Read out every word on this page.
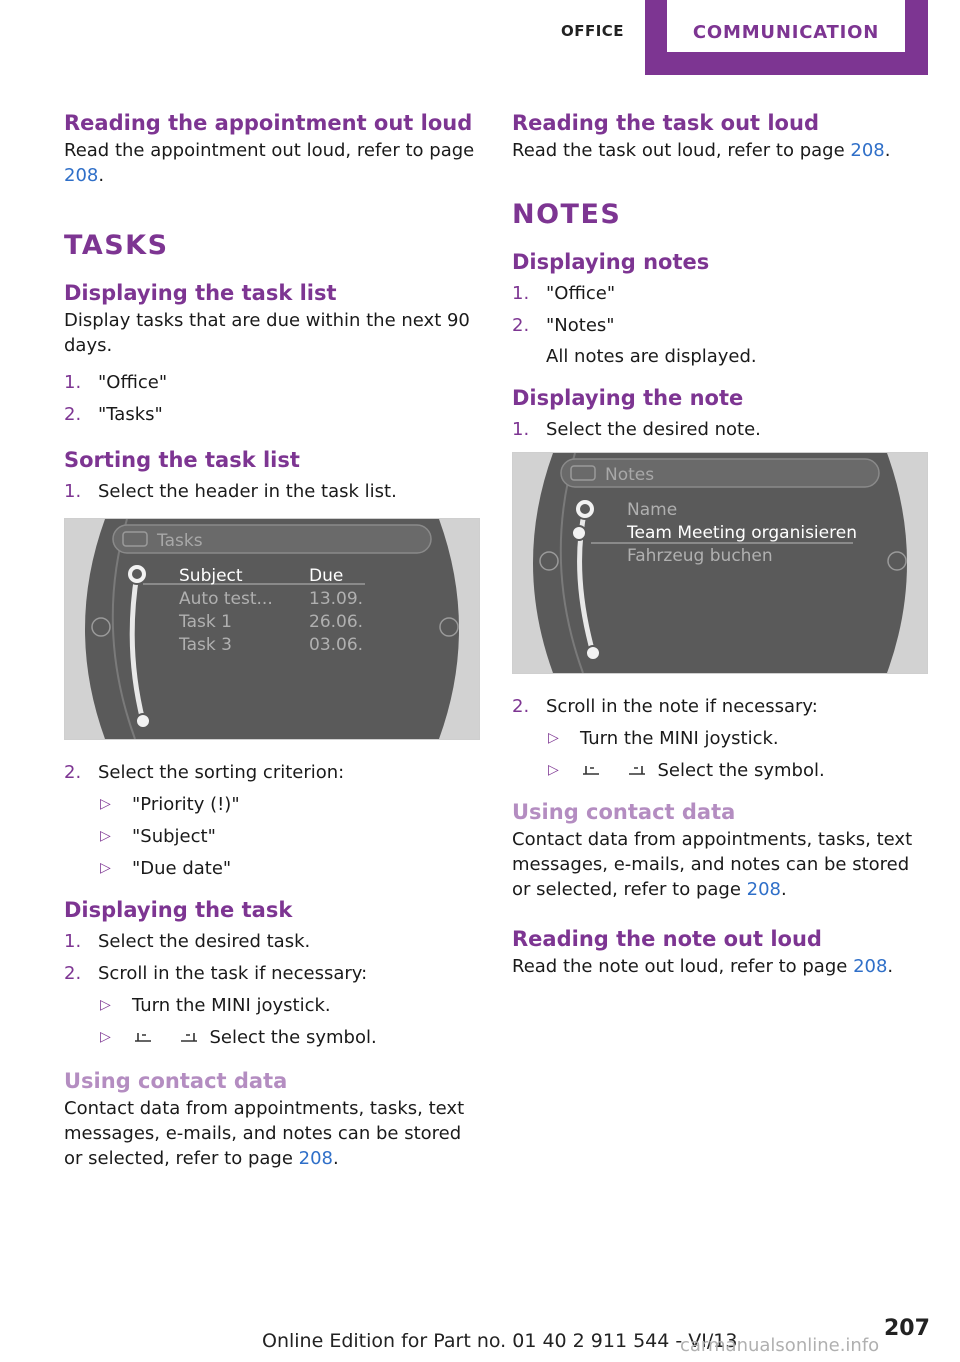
OFFICE	COMMUNICATION
Reading the appointment out loud

Read the appointment out loud, refer to page 208.

TASKS
Displaying the task list

Display tasks that are due within the next 90 days.

1. "Office"
2. "Tasks"
Sorting the task list
1. Select the header in the task list.
Tasks
Subject	Due
Auto test... 13.09.
Task 1	26.06.
Task 3	03.06.
2. Select the sorting criterion:
▷ "Priority (!)"
▷ "Subject"
▷ "Due date"
Displaying the task
1. Select the desired task.
2. Scroll in the task if necessary:
▷ Turn the MINI joystick.
▷	Select the symbol.
Using contact data

Contact data from appointments, tasks, text messages, e-mails, and notes can be stored or selected, refer to page 208.

Reading the task out loud

Read the task out loud, refer to page 208.

NOTES
Displaying notes
1. "Office"
2. "Notes"
All notes are displayed.
Displaying the note
1. Select the desired note.
Notes
Name
Team Meeting organisieren
Fahrzeug buchen
2. Scroll in the note if necessary:
▷ Turn the MINI joystick.
▷	Select the symbol.
Using contact data

Contact data from appointments, tasks, text messages, e-mails, and notes can be stored or selected, refer to page 208.

Reading the note out loud

Read the note out loud, refer to page 208.

Online Edition for Part no. 01 40 2 911 544 - VI/13	207
carmanualsonline.info
